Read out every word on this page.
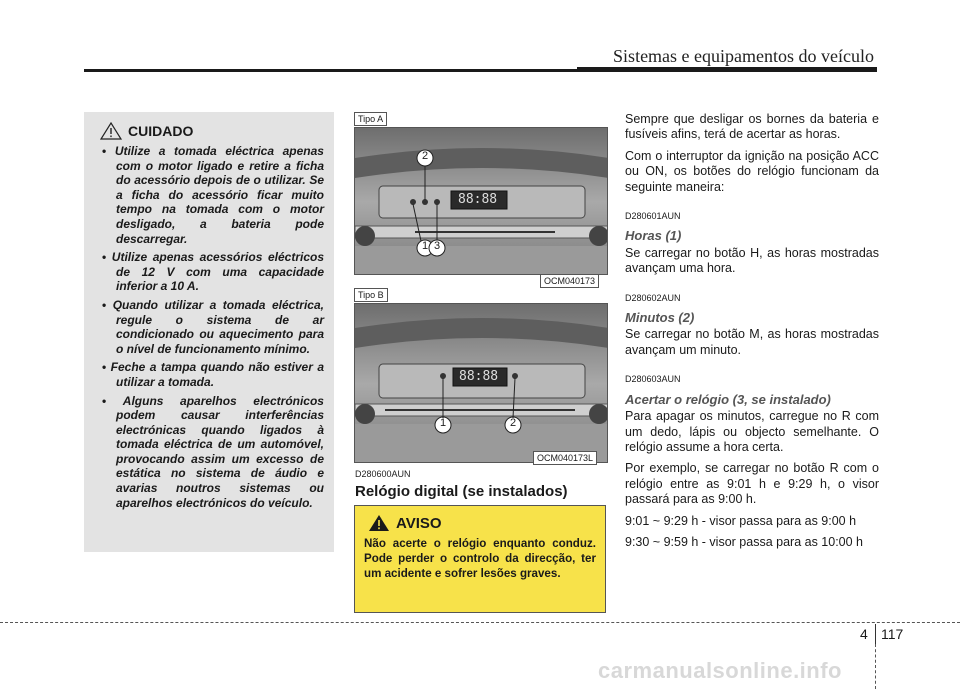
Sistemas e equipamentos do veículo
CUIDADO
• Utilize a tomada eléctrica apenas com o motor ligado e retire a ficha do acessório depois de o utilizar. Se a ficha do acessório ficar muito tempo na tomada com o motor desligado, a bateria pode descarregar.
• Utilize apenas acessórios eléctricos de 12 V com uma capacidade inferior a 10 A.
• Quando utilizar a tomada eléctrica, regule o sistema de ar condicionado ou aquecimento para o nível de funcionamento mínimo.
• Feche a tampa quando não estiver a utilizar a tomada.
• Alguns aparelhos electrónicos podem causar interferências electrónicas quando ligados à tomada eléctrica de um automóvel, provocando assim um excesso de estática no sistema de áudio e avarias noutros sistemas ou aparelhos electrónicos do veículo.
Tipo A
88:88
2
1 3
OCM040173
Tipo B
88:88
1	2
OCM040173L
D280600AUN
Relógio digital (se instalados)
AVISO
Não acerte o relógio enquanto conduz. Pode perder o controlo da direcção, ter um acidente e sofrer lesões graves.

Sempre que desligar os bornes da bateria e fusíveis afins, terá de acertar as horas.

Com o interruptor da ignição na posição ACC ou ON, os botões do relógio funcionam da seguinte maneira:

D280601AUN
Horas (1)

Se carregar no botão H, as horas mostradas avançam uma hora.

D280602AUN
Minutos (2)

Se carregar no botão M, as horas mostradas avançam um minuto.

D280603AUN
Acertar o relógio (3, se instalado)

Para apagar os minutos, carregue no R com um dedo, lápis ou objecto semelhante. O relógio assume a hora certa.

Por exemplo, se carregar no botão R com o relógio entre as 9:01 h e 9:29 h, o visor passará para as 9:00 h.

9:01 ~ 9:29 h - visor passa para as 9:00 h

9:30 ~ 9:59 h - visor passa para as 10:00 h

4 117
carmanualsonline.info
